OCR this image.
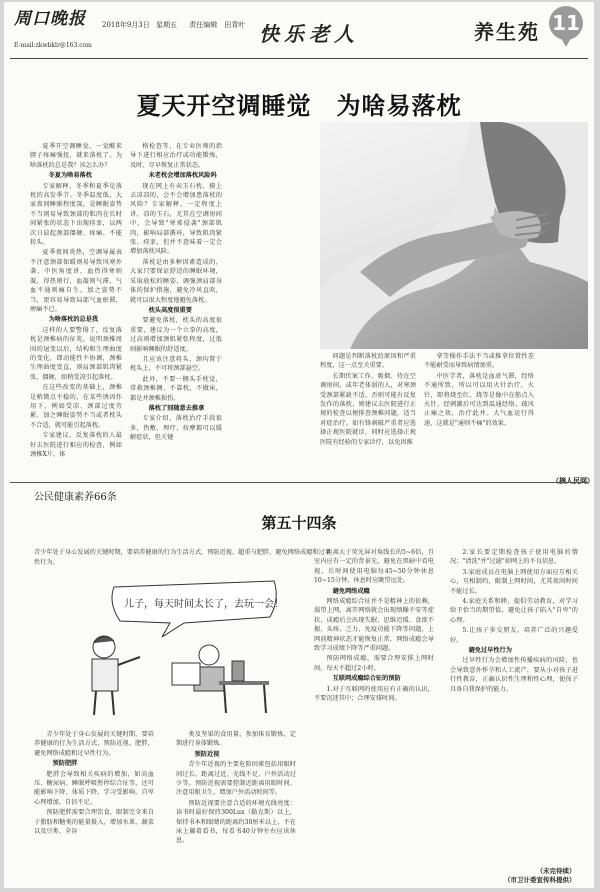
周口晚报 2018年9月3日 星期五 责任编辑　田青叶
E-mail:zkwbklr@163.com	快乐老人	养生苑 11
夏天开空调睡觉　为啥易落枕

夏季开空调睡觉，一觉醒来脖子疼痛强扭，就来落枕了。为啥落枕的总是我？该怎么办？

冬夏为啥易落枕

专家解释，冬季和夏季是落枕的高发季节。冬季温度低，大家夜间睡眠程度深，是睡眠姿势不当则易导致颈部的肌肉在长时间紧张的状态下出现痉挛，以两次日晨起颈部僵硬、疼痛、不能转头。

夏季夜间炎热，空调导属表不注意颈部保暖则易导致风寒外袭，中医角度讲，血热得寒则凝，得热则行，血凝则气滞，气血不通则痛自生，加之姿势不当，更容易导致局部气血瘀滞，痹痛不已。

为啥落枕的总是我

这样的人要警惕了，反复落枕是颈椎病的征兆，说明颈椎周围的退变以后，结构和生理曲度的变化，即动能性不协调，颈椎生理曲度变直，则肩颈部肌肉紧张、僵硬，如稍受凉引起落枕。

在这些改变的基础上，颈椎是稍微点不稳的，在某些诱因作用下，例如受凉、颈部过度劳累、加之睡眠姿势不当或者枕头不合适，就可能引起落枕。

专家建议，反复落枕的人最好去医院进行相应的检查，例如颈椎X片、体

格检查等，在专业医师的指导下进行相应治疗或功能锻炼，及时、尽早恢复正常状态。

未老枕会增加落枕风险吗

现在网上有卖玉石枕、摸上去凉凉的，会不会增加患落枕的风险？专家解释，一定程度上讲，凉的玉石，尤其在空调房间中，会导致"寒邪侵袭"颈部肌肉，影响局部循环，导致肌肉紧张、痉挛，但并不意味着一定会增加落枕风险。

落枕是由多种因素造成的，大家只要保证舒适的睡眠环境，采取放松的睡姿，调强颈肩部身体的保护措施，避免冷风直吹，就可以很大程度地避免落枕。

枕头高度很重要

要避免落枕，枕头的高度很重要，建议为一个立拳的高度，过高则增加颈肌紧张程度，过低则影响睡眠的舒适度。

且应该注意将头、颈均置于枕头上，不可将颈部悬空。

此外，不要一侧头手枕觉，常救颈椎侧、不靠枕，不做床，都是并颈椎损伤。

落枕了别随意去推拿

专家介绍，落枕治疗手段很多，热敷、理疗、按摩都可以缓解症状，但关键

问题是判断落枕的原因和严重程度，这一点至关重要。

长期伏案工作、吸烟、待在空调房间、或年老体弱的人，对寒颈受颈部紧缺不适、否则可能有反复发作的落枕，则建议去医院进行正规的检查以便排查颈椎问题，适当对症治疗。如有锋刹破严重者应选择正规医院就诊，同时应选择正规医院有经验的专家诊疗，以免因推

拿等操作手法不当或推拿位置性差不能耐受而导致病情加重。

中医学者，落枕是血虚气滞，经络不通所致，所以可以用火针治疗，火针，即将烧至红、烧等是像中在筋点入火针，经刺激后可达到温通经络、疏风止痛之效，治疗此并。大气血运行得速，这就是"通则不痛"的效果。

（摘人民网）
公民健康素养66条
第五十四条
青少年处于身心发展的关键时期，要培养健康的行为生活方式，预防近视、超重与肥胖，避免网络成瘾和过早性行为。
儿子，每天时间太长了，去玩一会！

青少年处于身心发展的关键时期，要培养健康的行为生活方式，预防近视、肥胖，避免网络成瘾和过早性行为。

预防肥胖

肥胖会导致相关疾病的增加，如高血压、糖尿病、睡眠呼吸暂停综合征等，还可能影响下降、体质下降、学习受影响，自卑心理增加，自信不足。

预防肥胖需要合理饮食，限制完全来自于脂肪和糖类的能量摄入，增加水果、蔬菜以及豆类、全谷

类及坚果的食用量，参加体育锻炼，定期进行身体锻炼。

预防近视

青少年近视的主要危险因素包括用眼时间过长、距离过近、光线不足、户外活动过少等。预防近视需要控制近距离用眼时间、注意用眼卫生、增加户外活动时间等。

预防近视要注意合适的环境光线亮度：读书时最好保持300Lux（勒克斯）以上，保持书本和眼睛的距离约30厘米以上，不在床上躺着看书，每看书40分钟左右应该休息。

距离大于荧光屏对角线长的5~6倍，且室内应有一定的背景光，避免在黑暗中看电视，长时间使用电脑每45~50分钟休息10~15分钟，休息时应眺望远处。

避免网络成瘾

网络成瘾综合征并不是精神上的依赖，渴望上网，离开网络就会出现烦躁不安等症状，成瘾后会出现失眠、思维迟缓、食欲不振、头疼、乏力、免疫功能下降等问题，上网前精神状态才能恢复正常，网络成瘾会导致学习成绩下降等严重问题。

预防网络成瘾，需要合理安排上网时间，每天不超过2小时。

互联网成瘾综合征的预防

1.对于互联网的使用应有正确的认识，不要沉迷其中；合理安排时间。

2.家长要定期检查孩子使用电脑的情况；"清洗"并"过滤"掉网上的不良信息。

3.家庭成员在电脑上网使用方面应互相关心，互相制约，限制上网时间，尤其夜间时间不能过长。

4.家庭关系和睦，提倡劳动教育，对学习给予恰当的期望值，避免让孩子陷入"自卑"的心理。

5.让孩子多交朋友，培养广泛的兴趣爱好。

避免过早性行为

过早性行为会增加性传播疾病的风险，也会导致意外怀孕和人工流产，要从小对孩子进行性教育，正确认识性生理和性心理，使孩子具备自我保护的能力。

（未完待续）
（市卫计委宣传科提供）
